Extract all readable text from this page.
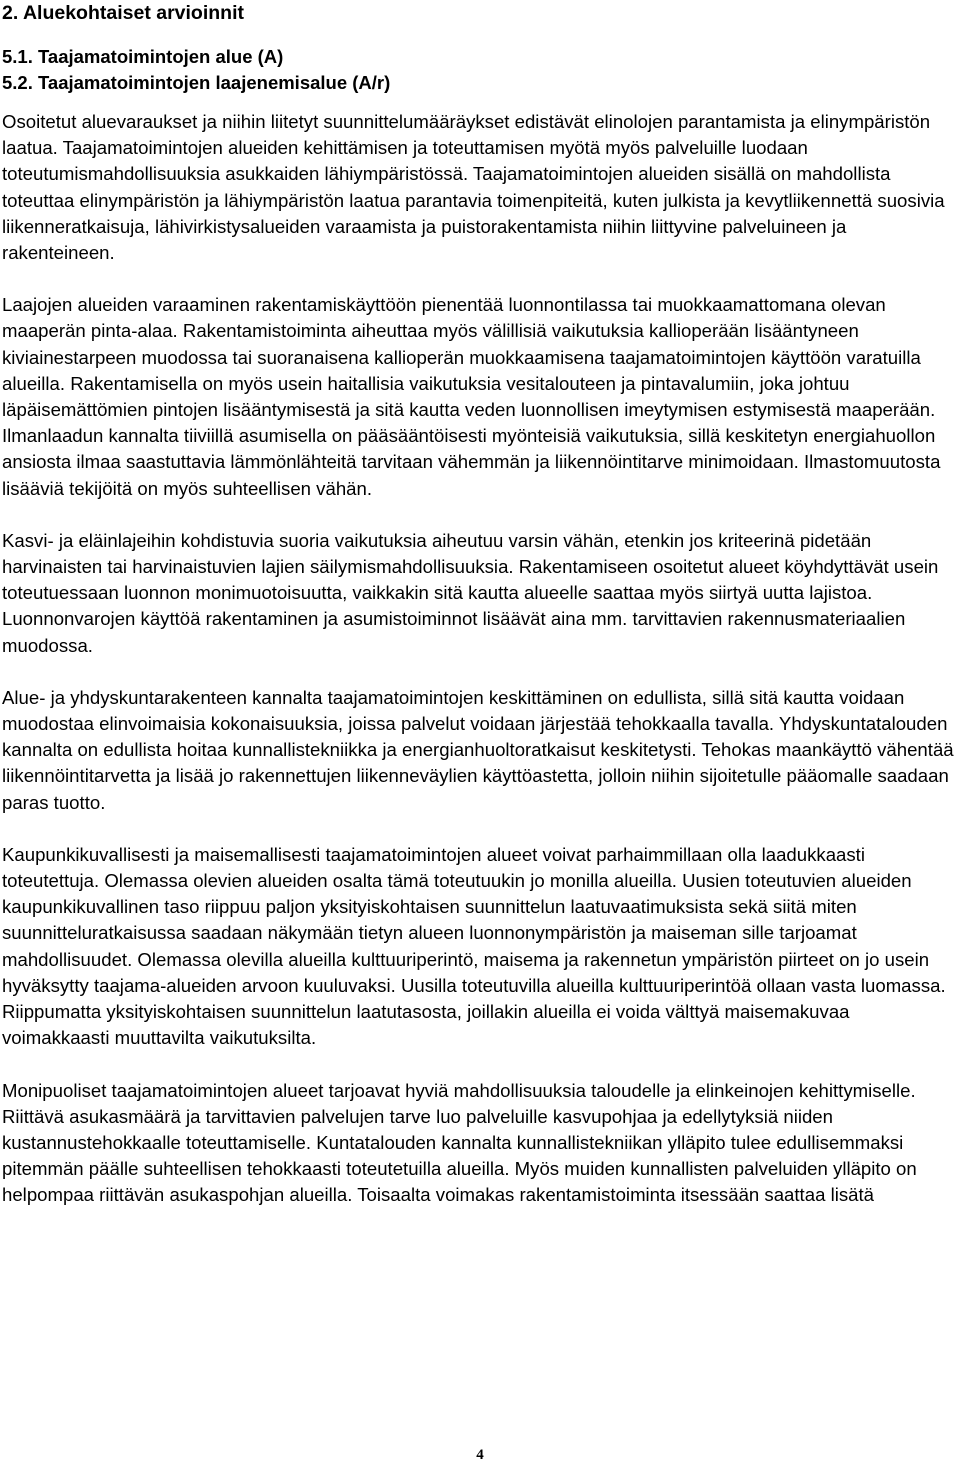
2. Aluekohtaiset arvioinnit
5.1. Taajamatoimintojen alue (A)
5.2. Taajamatoimintojen laajenemisalue (A/r)

Osoitetut aluevaraukset ja niihin liitetyt suunnittelumääräykset edistävät elinolojen parantamista ja elinympäristön laatua. Taajamatoimintojen alueiden kehittämisen ja toteuttamisen myötä myös palveluille luodaan toteutumismahdollisuuksia asukkaiden lähiympäristössä. Taajamatoimintojen alueiden sisällä on mahdollista toteuttaa elinympäristön ja lähiympäristön laatua parantavia toimenpiteitä, kuten julkista ja kevytliikennettä suosivia liikenneratkaisuja, lähivirkistysalueiden varaamista ja puistorakentamista niihin liittyvine palveluineen ja rakenteineen.

Laajojen alueiden varaaminen rakentamiskäyttöön pienentää luonnontilassa tai muokkaamattomana olevan maaperän pinta-alaa. Rakentamistoiminta aiheuttaa myös välillisiä vaikutuksia kallioperään lisääntyneen kiviainestarpeen muodossa tai suoranaisena kallioperän muokkaamisena taajamatoimintojen käyttöön varatuilla alueilla. Rakentamisella on myös usein haitallisia vaikutuksia vesitalouteen ja pintavalumiin, joka johtuu läpäisemättömien pintojen lisääntymisestä ja sitä kautta veden luonnollisen imeytymisen estymisestä maaperään. Ilmanlaadun kannalta tiiviillä asumisella on pääsääntöisesti myönteisiä vaikutuksia, sillä keskitetyn energiahuollon ansiosta ilmaa saastuttavia lämmönlähteitä tarvitaan vähemmän ja liikennöintitarve minimoidaan. Ilmastomuutosta lisääviä tekijöitä on myös suhteellisen vähän.

Kasvi- ja eläinlajeihin kohdistuvia suoria vaikutuksia aiheutuu varsin vähän, etenkin jos kriteerinä pidetään harvinaisten tai harvinaistuvien lajien säilymismahdollisuuksia. Rakentamiseen osoitetut alueet köyhdyttävät usein toteutuessaan luonnon monimuotoisuutta, vaikkakin sitä kautta alueelle saattaa myös siirtyä uutta lajistoa. Luonnonvarojen käyttöä rakentaminen ja asumistoiminnot lisäävät aina mm. tarvittavien rakennusmateriaalien muodossa.

Alue- ja yhdyskuntarakenteen kannalta taajamatoimintojen keskittäminen on edullista, sillä sitä kautta voidaan muodostaa elinvoimaisia kokonaisuuksia, joissa palvelut voidaan järjestää tehokkaalla tavalla. Yhdyskuntatalouden kannalta on edullista hoitaa kunnallistekniikka ja energianhuoltoratkaisut keskitetysti. Tehokas maankäyttö vähentää liikennöintitarvetta ja lisää jo rakennettujen liikenneväylien käyttöastetta, jolloin niihin sijoitetulle pääomalle saadaan paras tuotto.

Kaupunkikuvallisesti ja maisemallisesti taajamatoimintojen alueet voivat parhaimmillaan olla laadukkaasti toteutettuja. Olemassa olevien alueiden osalta tämä toteutuukin jo monilla alueilla. Uusien toteutuvien alueiden kaupunkikuvallinen taso riippuu paljon yksityiskohtaisen suunnittelun laatuvaatimuksista sekä siitä miten suunnitteluratkaisussa saadaan näkymään tietyn alueen luonnonympäristön ja maiseman sille tarjoamat mahdollisuudet. Olemassa olevilla alueilla kulttuuriperintö, maisema ja rakennetun ympäristön piirteet on jo usein hyväksytty taajama-alueiden arvoon kuuluvaksi. Uusilla toteutuvilla alueilla kulttuuriperintöä ollaan vasta luomassa. Riippumatta yksityiskohtaisen suunnittelun laatutasosta, joillakin alueilla ei voida välttyä maisemakuvaa voimakkaasti muuttavilta vaikutuksilta.

Monipuoliset taajamatoimintojen alueet tarjoavat hyviä mahdollisuuksia taloudelle ja elinkeinojen kehittymiselle. Riittävä asukasmäärä ja tarvittavien palvelujen tarve luo palveluille kasvupohjaa ja edellytyksiä niiden kustannustehokkaalle toteuttamiselle. Kuntatalouden kannalta kunnallistekniikan ylläpito tulee edullisemmaksi pitemmän päälle suhteellisen tehokkaasti toteutetuilla alueilla. Myös muiden kunnallisten palveluiden ylläpito on helpompaa riittävän asukaspohjan alueilla. Toisaalta voimakas rakentamistoiminta itsessään saattaa lisätä

4
